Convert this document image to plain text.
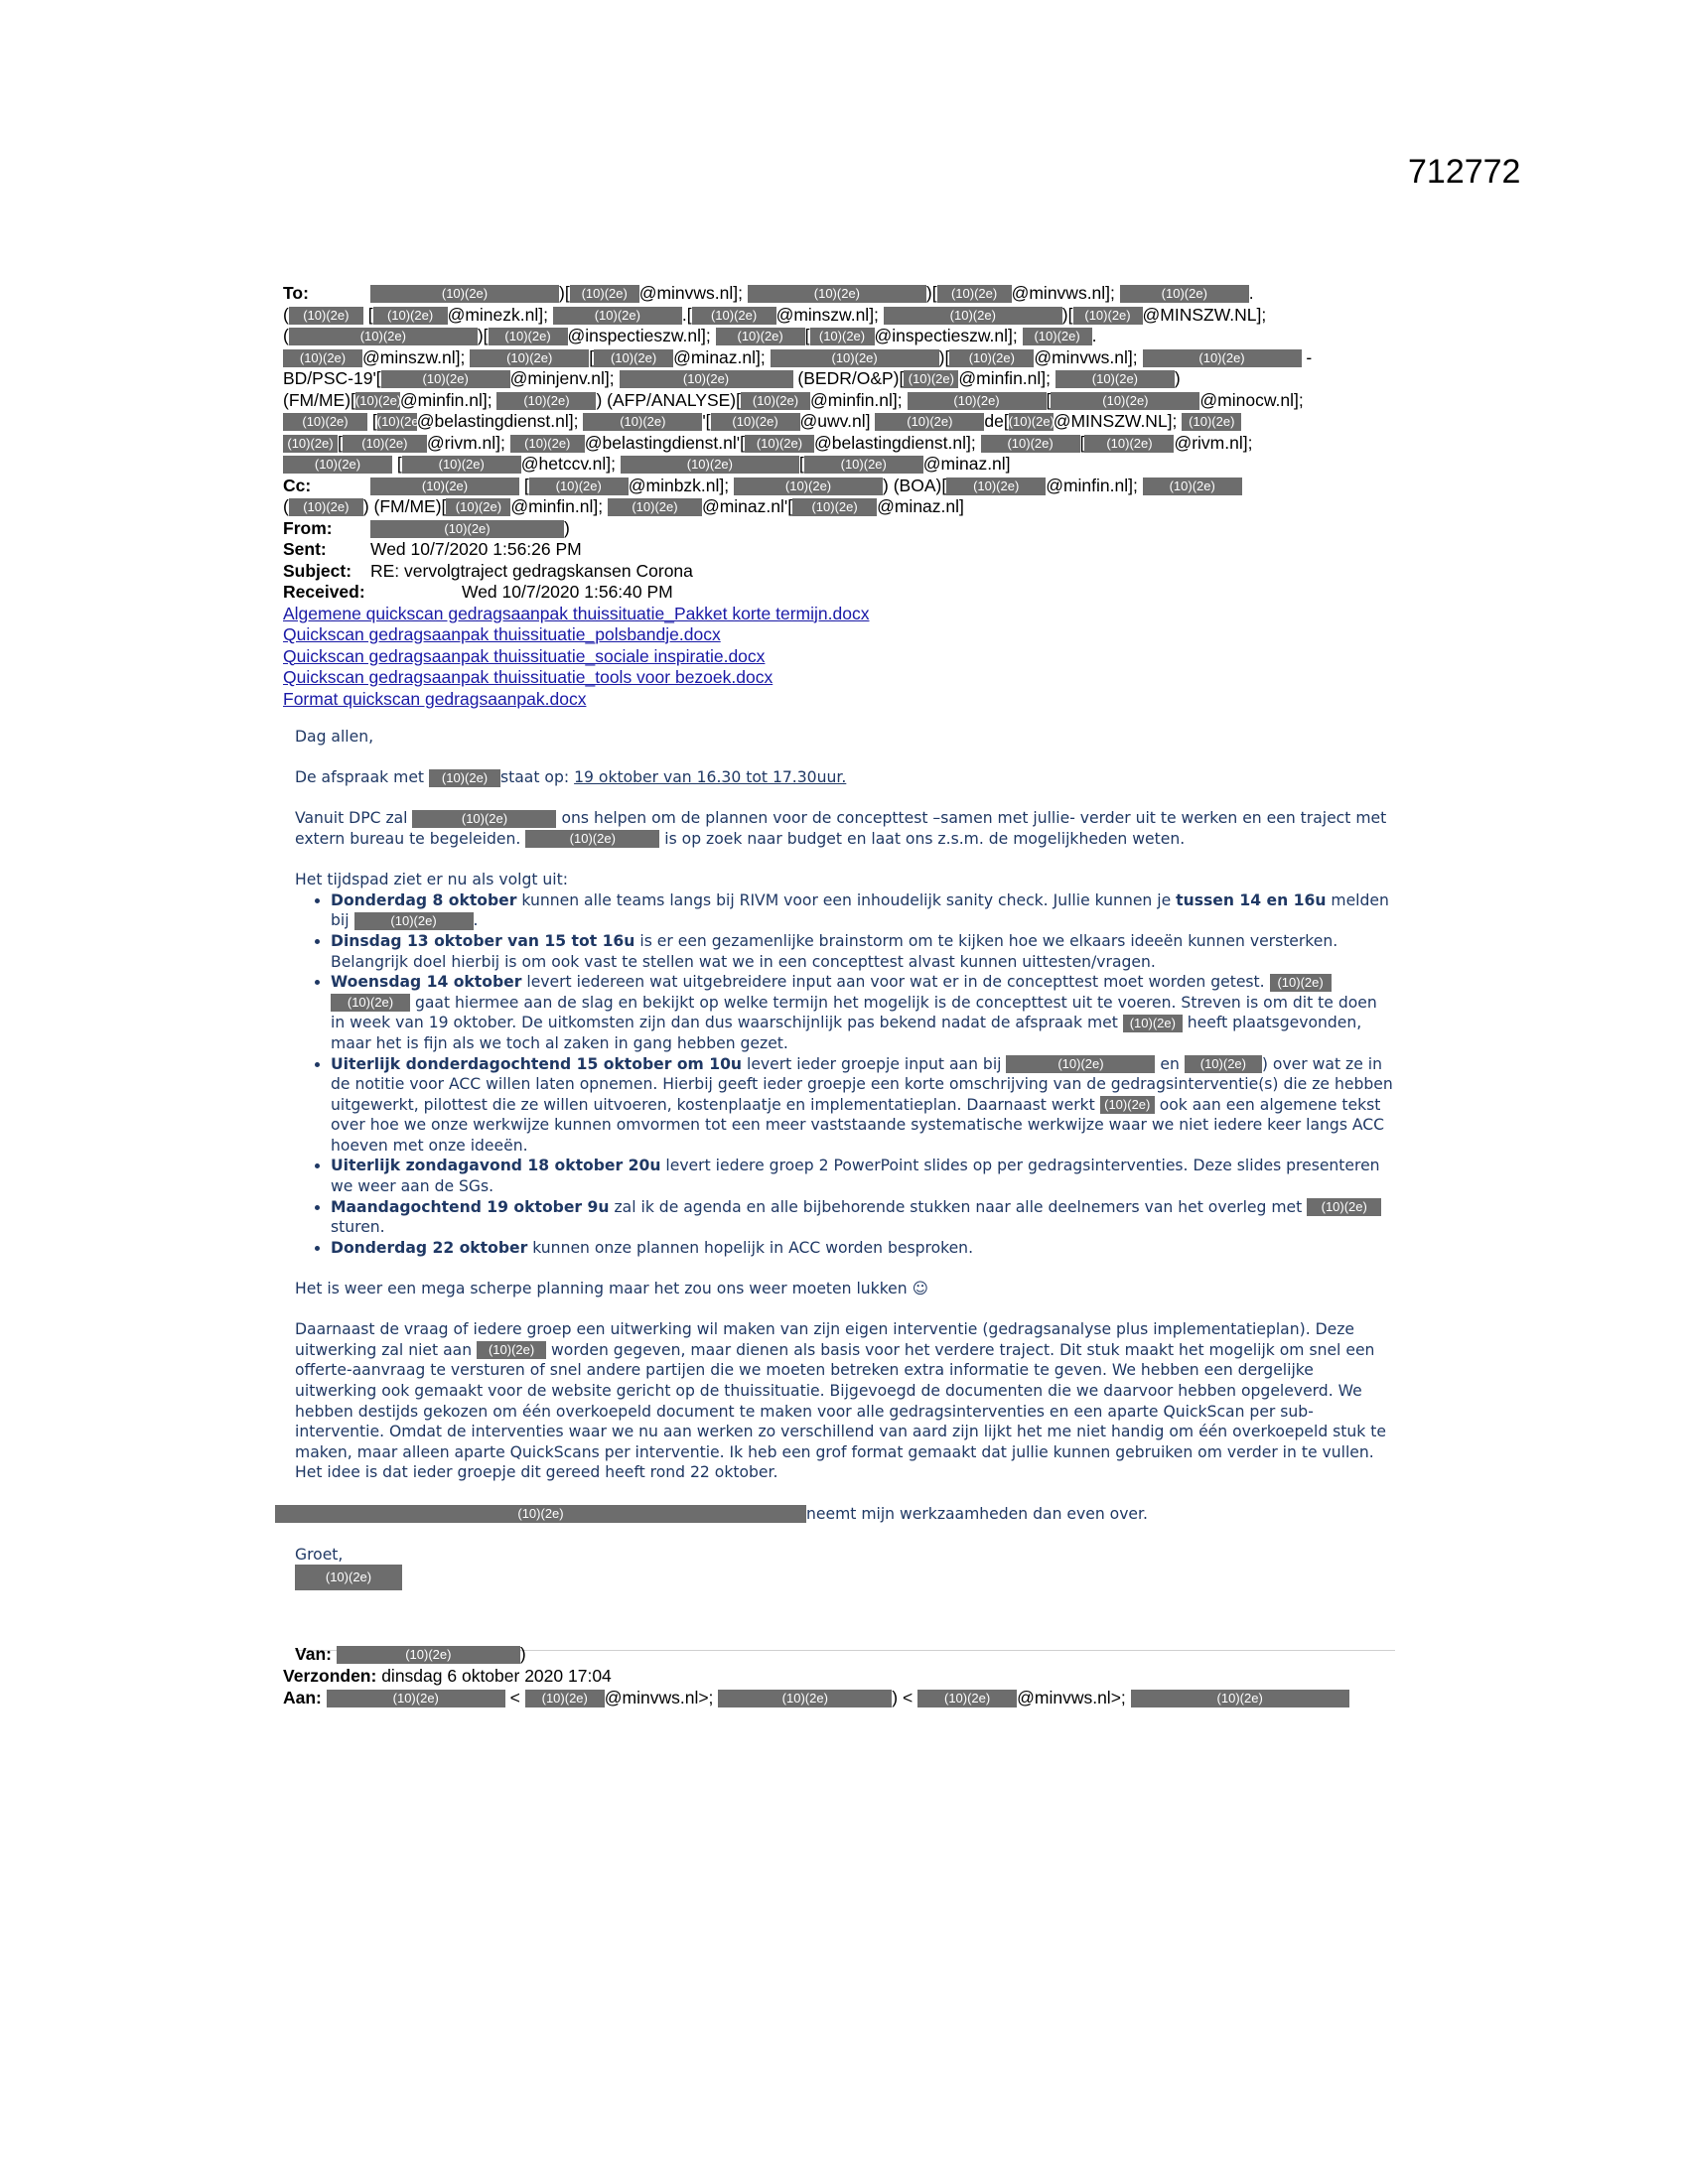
712772
To:	(10)(2e)	)[ (10)(2e) @minvws.nl];	(10)(2e)	)[ (10)(2e) @minvws.nl];	(10)(2e) .
( (10)(2e) [ (10)(2e) @minezk.nl];	(10)(2e) .[ (10)(2e) @minszw.nl];	(10)(2e)	)[ (10)(2e) @MINSZW.NL];
(	(10)(2e)	)[ (10)(2e) @inspectieszw.nl]; (10)(2e) [ (10)(2e) @inspectieszw.nl]; (10)(2e) .
(10)(2e) @minszw.nl];	(10)(2e) [ (10)(2e) @minaz.nl];	(10)(2e)	)[ (10)(2e) @minvws.nl];	(10)(2e)	-
BD/PSC-19'[	(10)(2e) @minjenv.nl];	(10)(2e)	(BEDR/O&P)[ (10)(2e) @minfin.nl];	(10)(2e) )
(FM/ME)[(10)(2e)@minfin.nl]; (10)(2e) ) (AFP/ANALYSE)[ (10)(2e) @minfin.nl];	(10)(2e)	[	(10)(2e)	@minocw.nl];
(10)(2e) [(10)(2e)@belastingdienst.nl];	(10)(2e) '[ (10)(2e) @uwv.nl]	(10)(2e) de[(10)(2e)@MINSZW.NL]; (10)(2e)
(10)(2e) [ (10)(2e) @rivm.nl]; (10)(2e) @belastingdienst.nl'[ (10)(2e) @belastingdienst.nl]; (10)(2e) [ (10)(2e) @rivm.nl];
(10)(2e) [	(10)(2e) @hetccv.nl];	(10)(2e)	[	(10)(2e) @minaz.nl]
Cc:	(10)(2e)	[ (10)(2e) @minbzk.nl];	(10)(2e)	) (BOA)[ (10)(2e) @minfin.nl]; (10)(2e)
( (10)(2e) ) (FM/ME)[ (10)(2e) @minfin.nl]; (10)(2e) @minaz.nl'[ (10)(2e) @minaz.nl]
From:	(10)(2e)	)
Sent:	Wed 10/7/2020 1:56:26 PM
Subject: RE: vervolgtraject gedragskansen Corona
Received:	Wed 10/7/2020 1:56:40 PM
Algemene quickscan gedragsaanpak thuissituatie_Pakket korte termijn.docx
Quickscan gedragsaanpak thuissituatie_polsbandje.docx
Quickscan gedragsaanpak thuissituatie_sociale inspiratie.docx
Quickscan gedragsaanpak thuissituatie_tools voor bezoek.docx
Format quickscan gedragsaanpak.docx

Dag allen,

De afspraak met (10)(2e) staat op: 19 oktober van 16.30 tot 17.30uur.

Vanuit DPC zal	(10)(2e)	ons helpen om de plannen voor de concepttest –samen met jullie- verder uit te werken en een traject met extern bureau te begeleiden.	(10)(2e)	is op zoek naar budget en laat ons z.s.m. de mogelijkheden weten.

Het tijdspad ziet er nu als volgt uit:
• Donderdag 8 oktober kunnen alle teams langs bij RIVM voor een inhoudelijk sanity check. Jullie kunnen je tussen 14 en 16u melden bij	(10)(2e) .
• Dinsdag 13 oktober van 15 tot 16u is er een gezamenlijke brainstorm om te kijken hoe we elkaars ideeën kunnen versterken. Belangrijk doel hierbij is om ook vast te stellen wat we in een concepttest alvast kunnen uittesten/vragen.
• Woensdag 14 oktober levert iedereen wat uitgebreidere input aan voor wat er in de concepttest moet worden getest. (10)(2e) (10)(2e) gaat hiermee aan de slag en bekijkt op welke termijn het mogelijk is de concepttest uit te voeren. Streven is om dit te doen in week van 19 oktober. De uitkomsten zijn dan dus waarschijnlijk pas bekend nadat de afspraak met (10)(2e) heeft plaatsgevonden, maar het is fijn als we toch al zaken in gang hebben gezet.
• Uiterlijk donderdagochtend 15 oktober om 10u levert ieder groepje input aan bij	(10)(2e)	en (10)(2e) ) over wat ze in de notitie voor ACC willen laten opnemen. Hierbij geeft ieder groepje een korte omschrijving van de gedragsinterventie(s) die ze hebben uitgewerkt, pilottest die ze willen uitvoeren, kostenplaatje en implementatieplan. Daarnaast werkt (10)(2e) ook aan een algemene tekst over hoe we onze werkwijze kunnen omvormen tot een meer vaststaande systematische werkwijze waar we niet iedere keer langs ACC hoeven met onze ideeën.
• Uiterlijk zondagavond 18 oktober 20u levert iedere groep 2 PowerPoint slides op per gedragsinterventies. Deze slides presenteren we weer aan de SGs.
• Maandagochtend 19 oktober 9u zal ik de agenda en alle bijbehorende stukken naar alle deelnemers van het overleg met (10)(2e) sturen.
• Donderdag 22 oktober kunnen onze plannen hopelijk in ACC worden besproken.

Het is weer een mega scherpe planning maar het zou ons weer moeten lukken ☺

Daarnaast de vraag of iedere groep een uitwerking wil maken van zijn eigen interventie (gedragsanalyse plus implementatieplan). Deze uitwerking zal niet aan (10)(2e) worden gegeven, maar dienen als basis voor het verdere traject. Dit stuk maakt het mogelijk om snel een offerte-aanvraag te versturen of snel andere partijen die we moeten betreken extra informatie te geven. We hebben een dergelijke uitwerking ook gemaakt voor de website gericht op de thuissituatie. Bijgevoegd de documenten die we daarvoor hebben opgeleverd. We hebben destijds gekozen om één overkoepeld document te maken voor alle gedragsinterventies en een aparte QuickScan per sub-interventie. Omdat de interventies waar we nu aan werken zo verschillend van aard zijn lijkt het me niet handig om één overkoepeld stuk te maken, maar alleen aparte QuickScans per interventie. Ik heb een grof format gemaakt dat jullie kunnen gebruiken om verder in te vullen. Het idee is dat ieder groepje dit gereed heeft rond 22 oktober.

(10)(2e)	neemt mijn werkzaamheden dan even over.

Groet,
(10)(2e)
Van:	(10)(2e)	)
Verzonden: dinsdag 6 oktober 2020 17:04
Aan:	(10)(2e)	< (10)(2e) @minvws.nl>;	(10)(2e)	) < (10)(2e) @minvws.nl>;	(10)(2e)
